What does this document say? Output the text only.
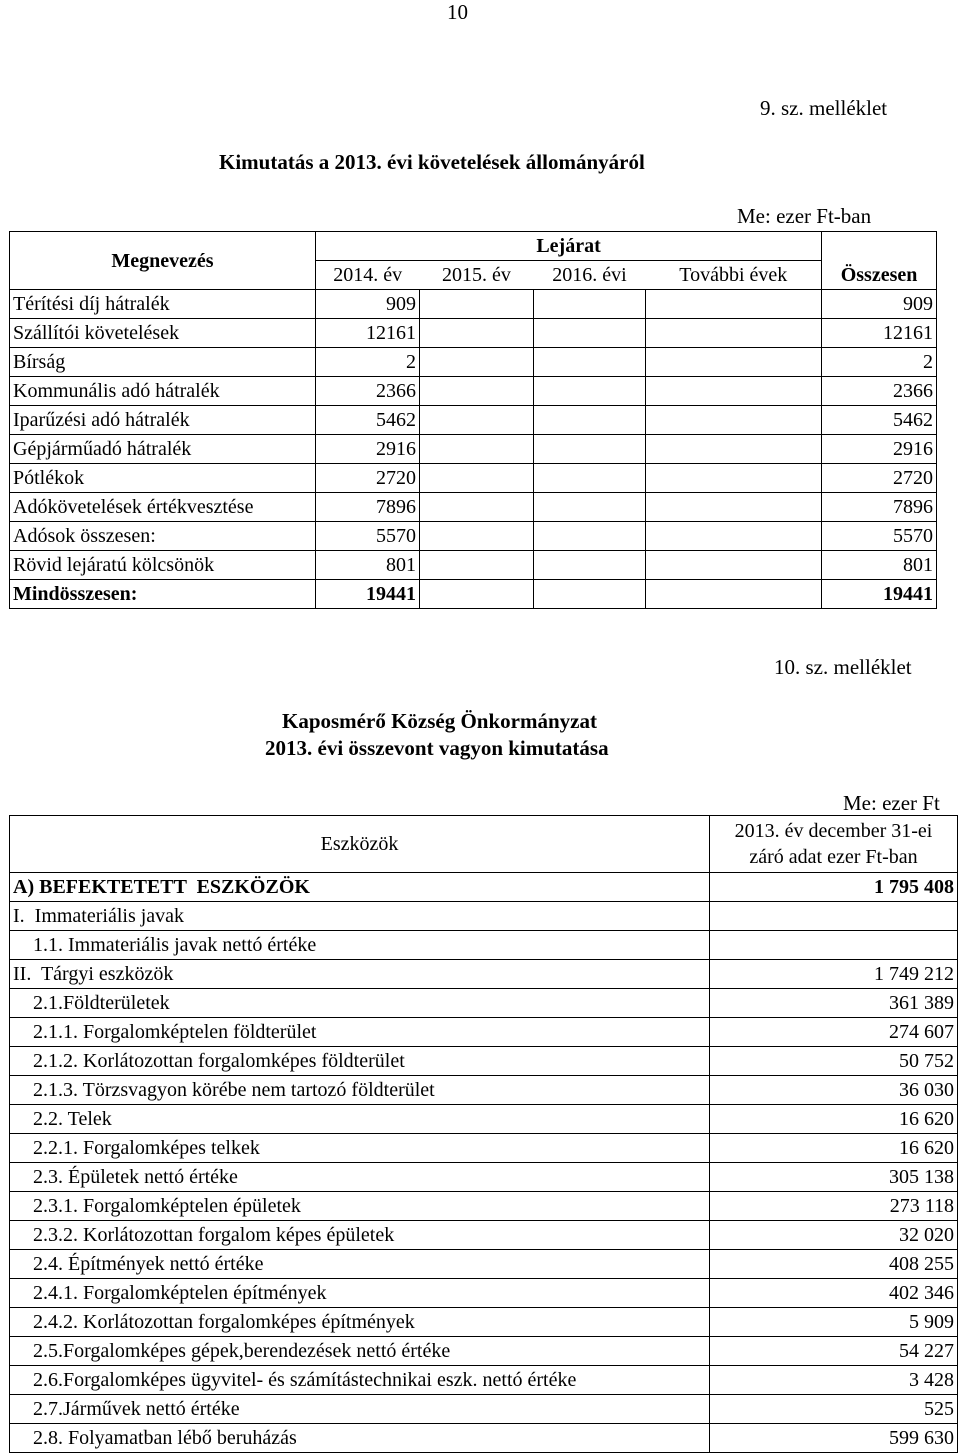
10
9. sz. melléklet
Kimutatás a 2013. évi követelések állományáról
Me: ezer Ft-ban
Megnevezés	Lejárat				
	2014. év	2015. év	2016. évi	További évek	Összesen
Térítési díj hátralék	909				909
Szállítói követelések	12161				12161
Bírság	2				2
Kommunális adó hátralék	2366				2366
Iparűzési adó hátralék	5462				5462
Gépjárműadó hátralék	2916				2916
Pótlékok	2720				2720
Adókövetelések értékvesztése	7896				7896
Adósok összesen:	5570				5570
Rövid lejáratú kölcsönök	801				801
Mindösszesen:	19441				19441
10. sz. melléklet
Kaposmérő Község Önkormányzat
2013. évi összevont vagyon kimutatása
Me: ezer Ft
Eszközök	2013. év december 31-ei
záró adat ezer Ft-ban

A) BEFEKTETETT  ESZKÖZÖK	1 795 408
I.  Immateriális javak	
1.1. Immateriális javak nettó értéke	
II.  Tárgyi eszközök	1 749 212
2.1.Földterületek	361 389
2.1.1. Forgalomképtelen földterület	274 607
2.1.2. Korlátozottan forgalomképes földterület	50 752
2.1.3. Törzsvagyon körébe nem tartozó földterület	36 030
2.2. Telek	16 620
2.2.1. Forgalomképes telkek	16 620
2.3. Épületek nettó értéke	305 138
2.3.1. Forgalomképtelen épületek	273 118
2.3.2. Korlátozottan forgalom képes épületek	32 020
2.4. Építmények nettó értéke	408 255
2.4.1. Forgalomképtelen építmények	402 346
2.4.2. Korlátozottan forgalomképes építmények	5 909
2.5.Forgalomképes gépek,berendezések nettó értéke	54 227
2.6.Forgalomképes ügyvitel- és számítástechnikai eszk. nettó értéke	3 428
2.7.Járművek nettó értéke	525
2.8. Folyamatban lébő beruházás	599 630
